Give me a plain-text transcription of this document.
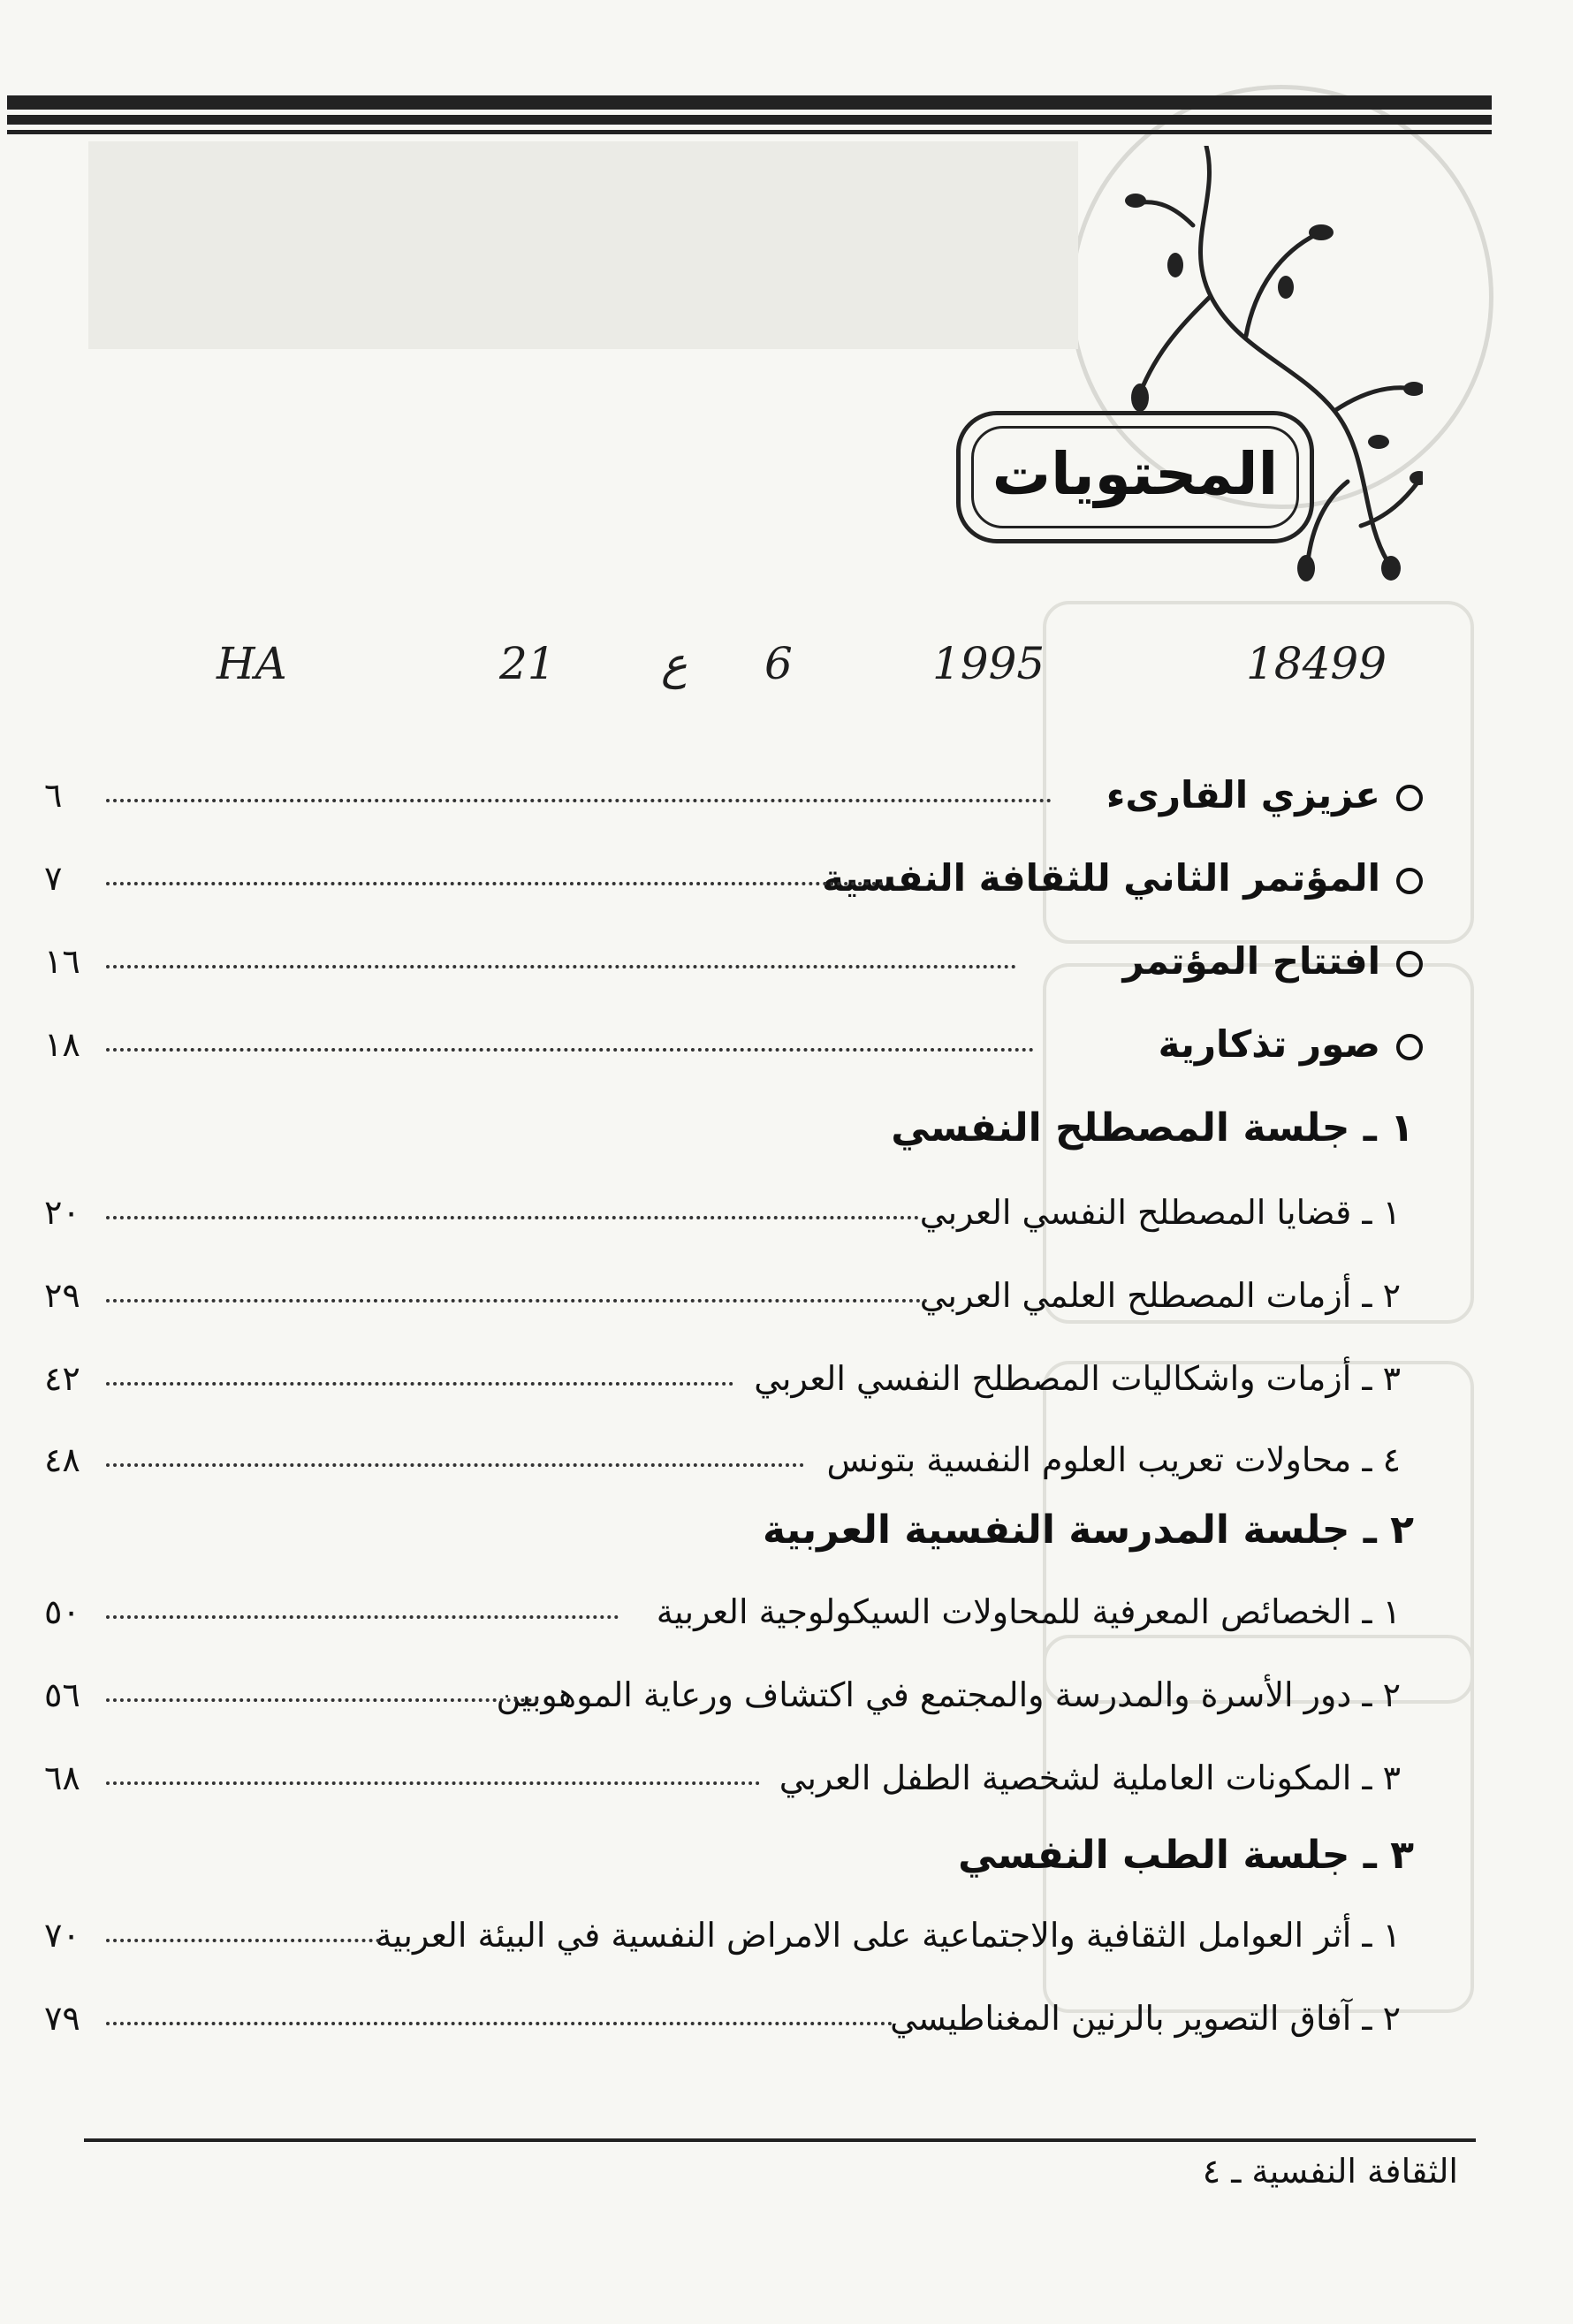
المحتويات
18499
1995
6
ع
21
HA
عزيزي القارىء
٦
المؤتمر الثاني للثقافة النفسية
٧
افتتاح المؤتمر
١٦
صور تذكارية
١٨
١ ـ جلسة المصطلح النفسي
١ ـ قضايا المصطلح النفسي العربي
٢٠
٢ ـ أزمات المصطلح العلمي العربي
٢٩
٣ ـ أزمات واشكاليات المصطلح النفسي العربي
٤٢
٤ ـ محاولات تعريب العلوم النفسية بتونس
٤٨
٢ ـ جلسة المدرسة النفسية العربية
١ ـ الخصائص المعرفية للمحاولات السيكولوجية العربية
٥٠
٢ ـ دور الأسرة والمدرسة والمجتمع في اكتشاف ورعاية الموهوبين
٥٦
٣ ـ المكونات العاملية لشخصية الطفل العربي
٦٨
٣ ـ جلسة الطب النفسي
١ ـ أثر العوامل الثقافية والاجتماعية على الامراض النفسية في البيئة العربية
٧٠
٢ ـ آفاق التصوير بالرنين المغناطيسي
٧٩
الثقافة النفسية ـ ٤
